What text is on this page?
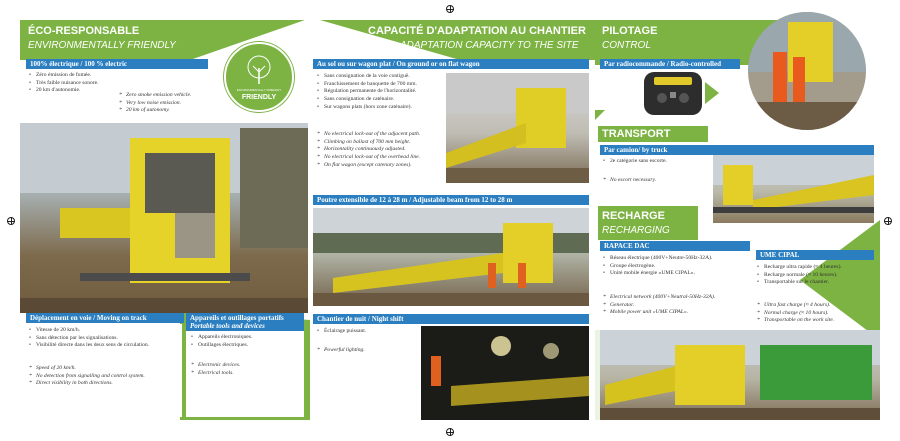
ÉCO-RESPONSABLE
ENVIRONMENTALLY FRIENDLY
100% électrique / 100 % electric
• Zéro émission de fumée.
• Très faible nuisance sonore.
• 20 km d'autonomie.
* Zero smoke emission vehicle.
* Very low noise emission.
* 20 km of autonomy.
ENVIRONMENTALLY FRIENDLY
FRIENDLY
Déplacement en voie / Moving on track
• Vitesse de 20 km/h.
• Sans détection par les signalisations.
• Visibilité directe dans les deux sens de circulation.
* Speed of 20 km/h.
* No detection from signalling and control system.
* Direct visibility in both directions.
Appareils et outillages portatifs
Portable tools and devices
• Appareils électroniques.
• Outillages électriques.
* Electronic devices.
* Electrical tools.
CAPACITÉ D'ADAPTATION AU CHANTIER
ADAPTATION CAPACITY TO THE SITE
Au sol ou sur wagon plat / On ground or on flat wagon
• Sans consignation de la voie contiguë.
• Franchissement de banquette de 700 mm.
• Régulation permanente de l'horizontalité.
• Sans consignation de caténaire.
• Sur wagons plats (hors zone caténaire).
* No electrical lock-out of the adjacent path.
* Climbing on ballast of 700 mm height.
* Horizontality continuously adjusted.
* No electrical lock-out of the overhead line.
* On flat wagon (except catenary zones).
Poutre extensible de 12 à 28 m / Adjustable beam from 12 to 28 m
Chantier de nuit / Night shift
• Éclairage puissant.
* Powerful lighting.
PILOTAGE
CONTROL
Par radiocommande / Radio-controlled
TRANSPORT
Par camion/ by truck
• 2e catégorie sans escorte.
* No escort necessary.
RECHARGE
RECHARGING
RAPACE DAC
• Réseau électrique (400V+Neutre-50Hz-32A).
• Groupe électrogène.
• Unité mobile énergie «UME CIPAL».
* Electrical network (400V+Neutral-50Hz-32A).
* Generator.
* Mobile power unit «UME CIPAL».
UME CIPAL
• Recharge ultra rapide (≈ 4 heures).
• Recharge normale (≈ 10 heures).
• Transportable sur le chantier.
* Ultra fast charge (≈ 4 hours).
* Normal charge (≈ 10 hours).
* Transportable on the work site.
